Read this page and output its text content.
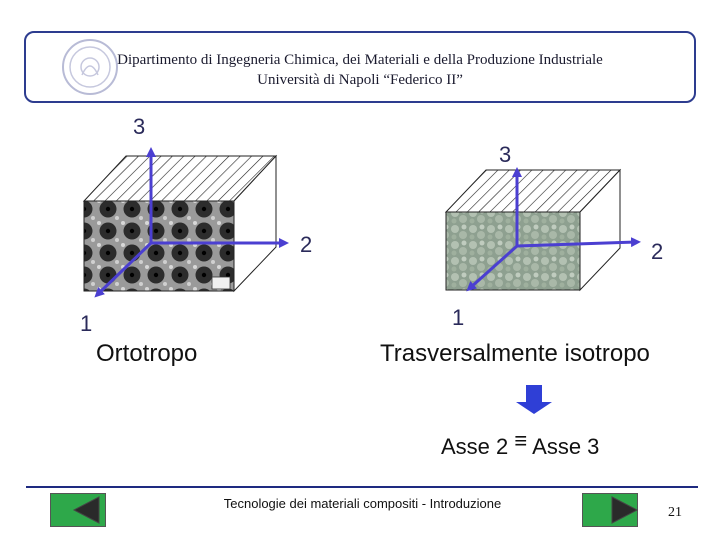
Dipartimento di Ingegneria Chimica, dei Materiali e della Produzione Industriale
Università di Napoli “Federico II”
3
2
1
3
2
1
Ortotropo	Trasversalmente isotropo
Asse 2 ≡ Asse 3
Tecnologie dei materiali compositi - Introduzione
21
